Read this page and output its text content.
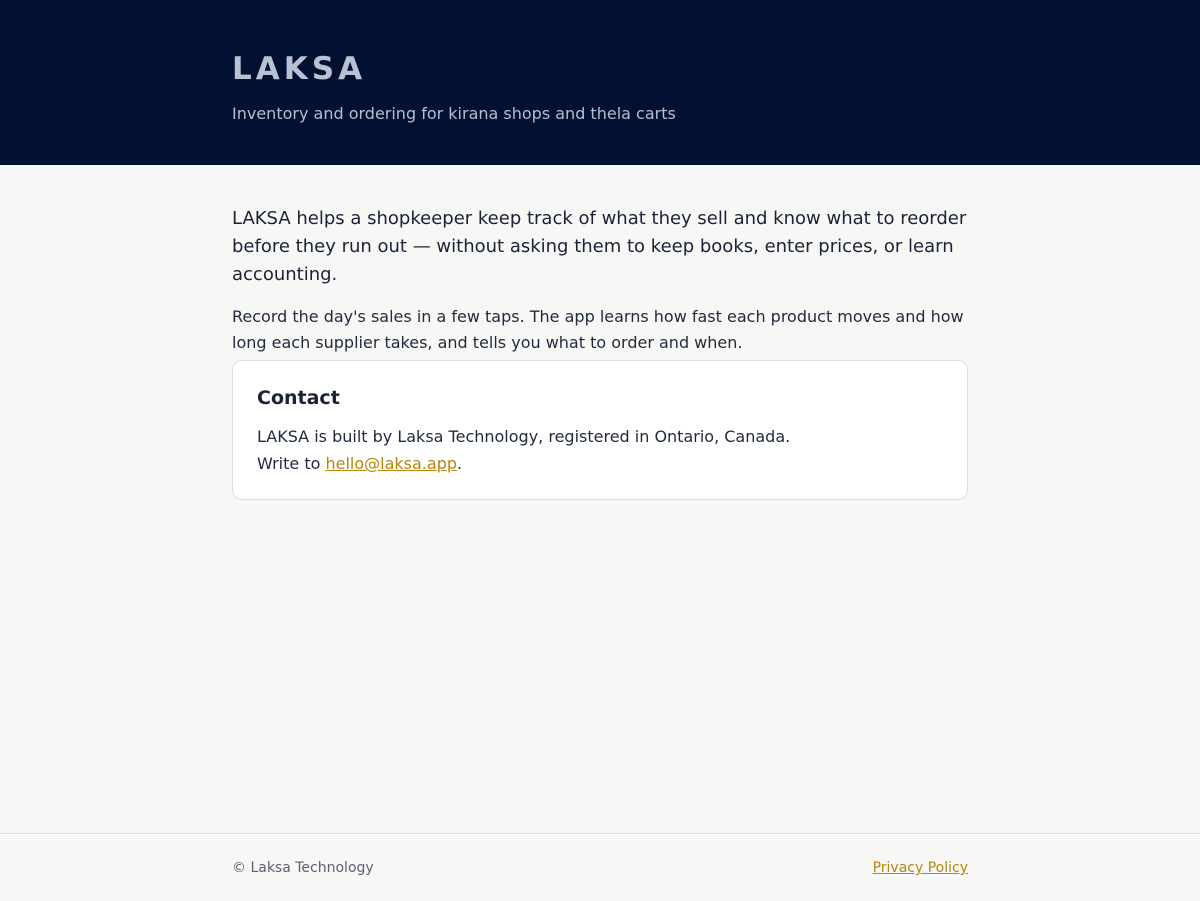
LAKSA

Inventory and ordering for kirana shops and thela carts

LAKSA helps a shopkeeper keep track of what they sell and know what to reorder before they run out — without asking them to keep books, enter prices, or learn accounting.

Record the day's sales in a few taps. The app learns how fast each product moves and how long each supplier takes, and tells you what to order and when.

Contact

LAKSA is built by Laksa Technology, registered in Ontario, Canada.

Write to hello@laksa.app.

© Laksa Technology	Privacy Policy
